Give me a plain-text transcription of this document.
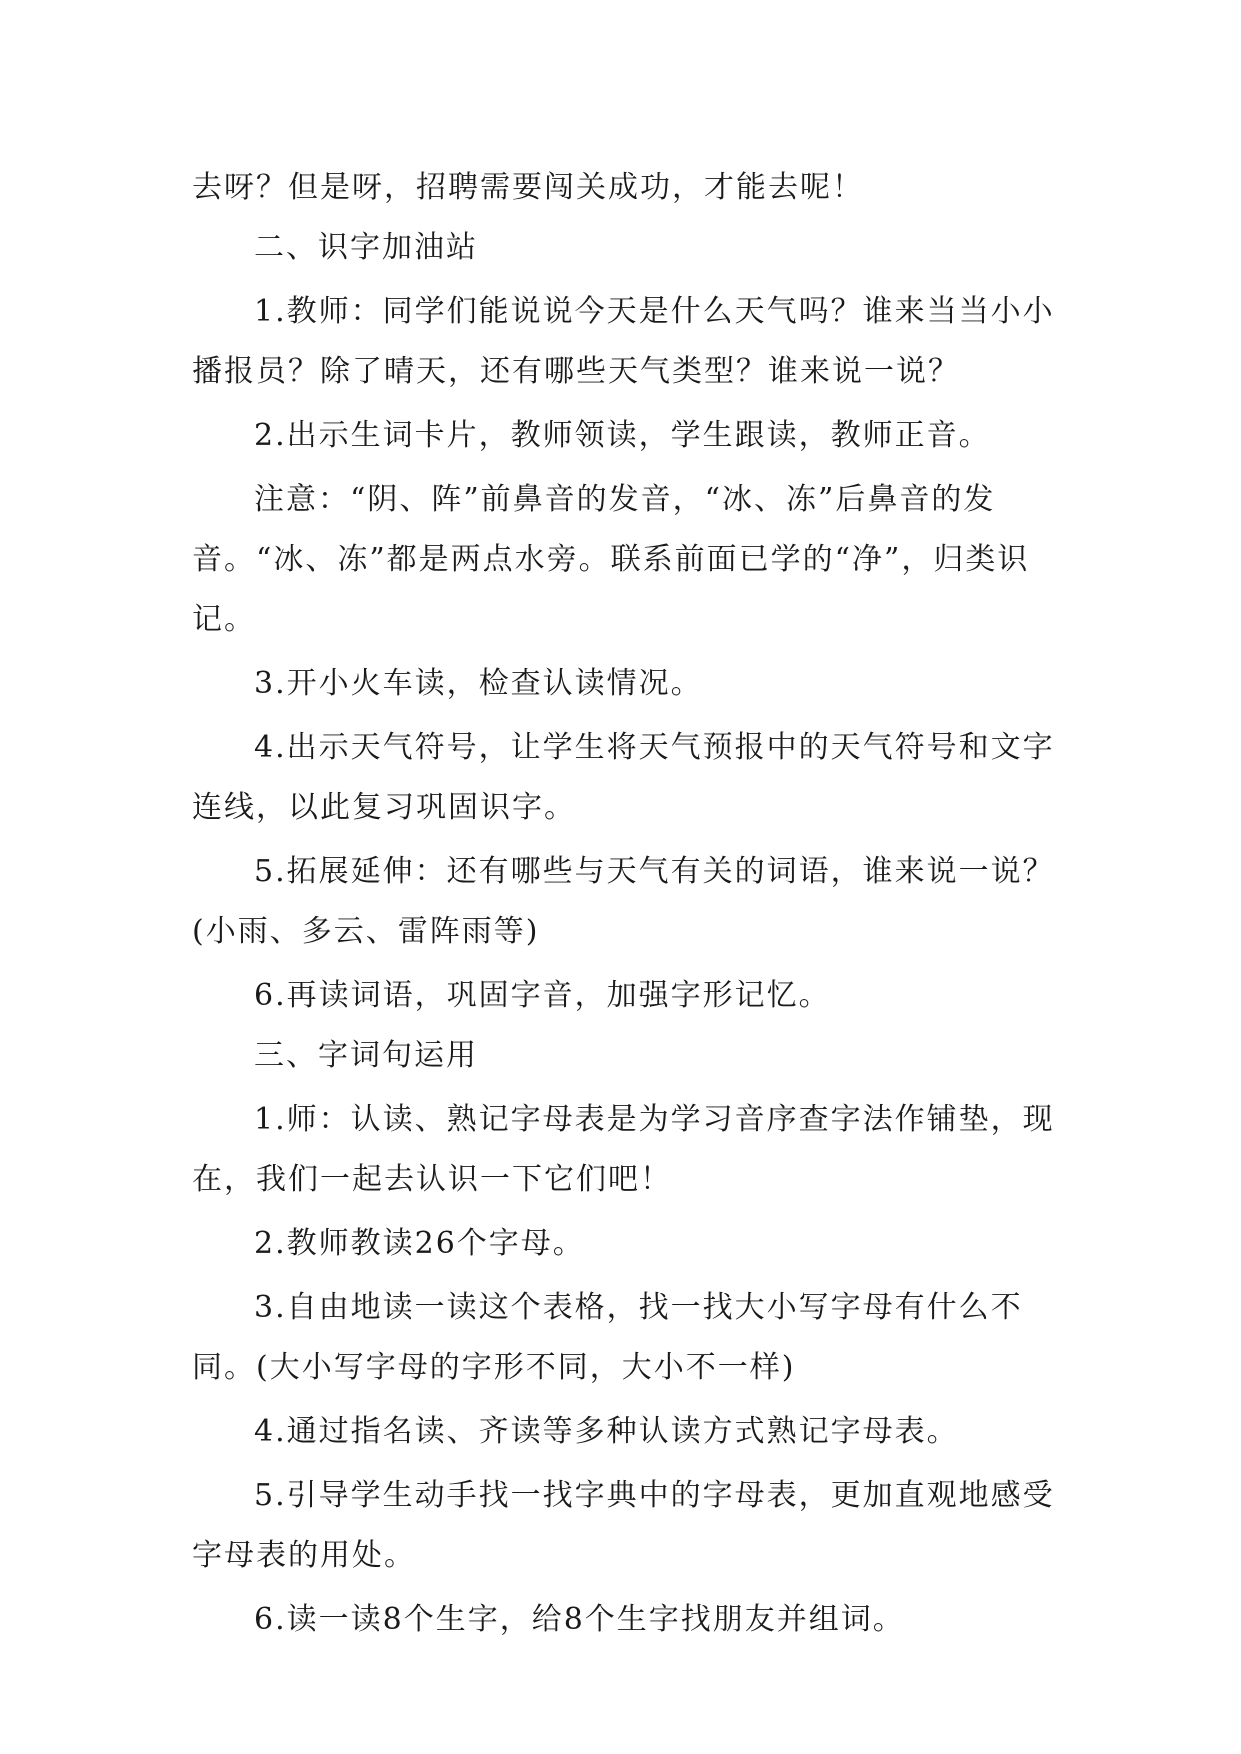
去呀？但是呀，招聘需要闯关成功，才能去呢！

二、识字加油站

1.教师：同学们能说说今天是什么天气吗？谁来当当小小播报员？除了晴天，还有哪些天气类型？谁来说一说？

2.出示生词卡片，教师领读，学生跟读，教师正音。

注意：“阴、阵”前鼻音的发音，“冰、冻”后鼻音的发音。“冰、冻”都是两点水旁。联系前面已学的“净”，归类识记。

3.开小火车读，检查认读情况。

4.出示天气符号，让学生将天气预报中的天气符号和文字连线，以此复习巩固识字。

5.拓展延伸：还有哪些与天气有关的词语，谁来说一说？(小雨、多云、雷阵雨等)

6.再读词语，巩固字音，加强字形记忆。

三、字词句运用

1.师：认读、熟记字母表是为学习音序查字法作铺垫，现在，我们一起去认识一下它们吧！

2.教师教读26个字母。

3.自由地读一读这个表格，找一找大小写字母有什么不同。(大小写字母的字形不同，大小不一样)

4.通过指名读、齐读等多种认读方式熟记字母表。

5.引导学生动手找一找字典中的字母表，更加直观地感受字母表的用处。

6.读一读8个生字，给8个生字找朋友并组词。
